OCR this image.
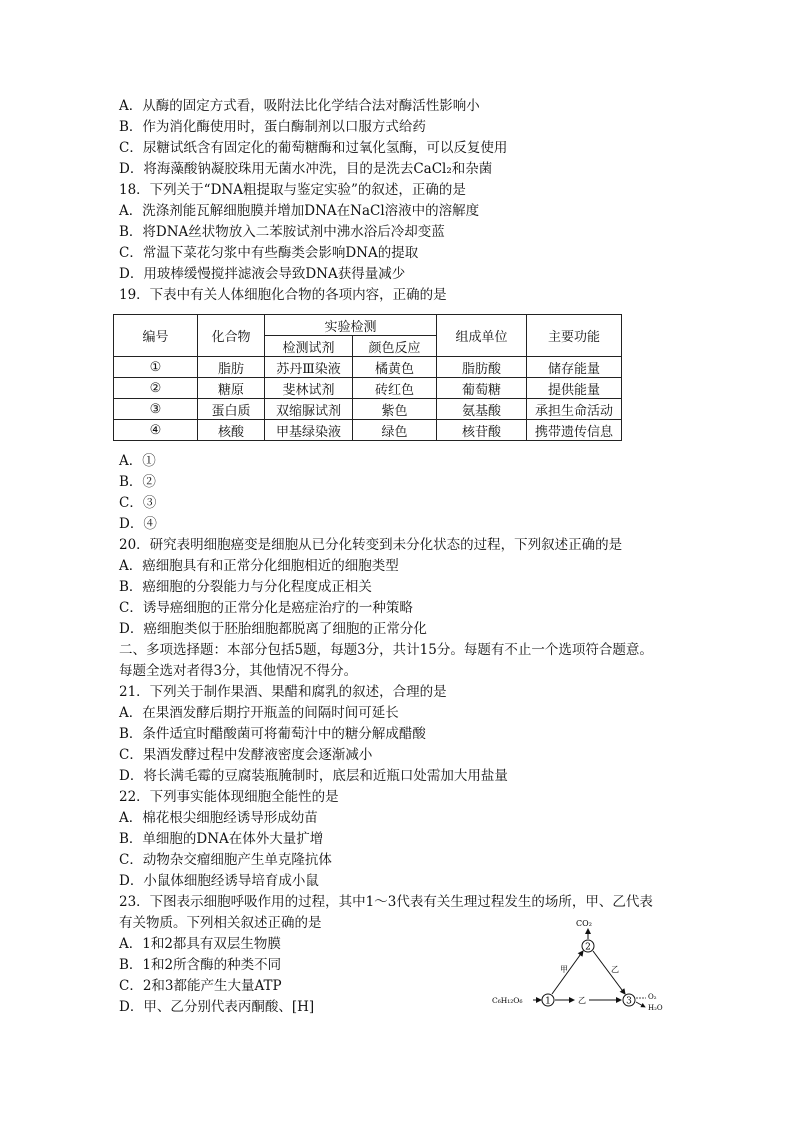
A．从酶的固定方式看，吸附法比化学结合法对酶活性影响小
B．作为消化酶使用时，蛋白酶制剂以口服方式给药
C．尿糖试纸含有固定化的葡萄糖酶和过氧化氢酶，可以反复使用
D．将海藻酸钠凝胶珠用无菌水冲洗，目的是洗去CaCl₂和杂菌
18．下列关于“DNA粗提取与鉴定实验”的叙述，正确的是
A．洗涤剂能瓦解细胞膜并增加DNA在NaCl溶液中的溶解度
B．将DNA丝状物放入二苯胺试剂中沸水浴后冷却变蓝
C．常温下菜花匀浆中有些酶类会影响DNA的提取
D．用玻棒缓慢搅拌滤液会导致DNA获得量减少
19．下表中有关人体细胞化合物的各项内容，正确的是
编号	化合物	实验检测		组成单位	主要功能
		检测试剂	颜色反应		
①	脂肪	苏丹Ⅲ染液	橘黄色	脂肪酸	储存能量
②	糖原	斐林试剂	砖红色	葡萄糖	提供能量
③	蛋白质	双缩脲试剂	紫色	氨基酸	承担生命活动
④	核酸	甲基绿染液	绿色	核苷酸	携带遗传信息
A．①
B．②
C．③
D．④
20．研究表明细胞癌变是细胞从已分化转变到未分化状态的过程，下列叙述正确的是
A．癌细胞具有和正常分化细胞相近的细胞类型
B．癌细胞的分裂能力与分化程度成正相关
C．诱导癌细胞的正常分化是癌症治疗的一种策略
D．癌细胞类似于胚胎细胞都脱离了细胞的正常分化
二、多项选择题：本部分包括5题，每题3分，共计15分。每题有不止一个选项符合题意。
每题全选对者得3分，其他情况不得分。
21．下列关于制作果酒、果醋和腐乳的叙述，合理的是
A．在果酒发酵后期拧开瓶盖的间隔时间可延长
B．条件适宜时醋酸菌可将葡萄汁中的糖分解成醋酸
C．果酒发酵过程中发酵液密度会逐渐减小
D．将长满毛霉的豆腐装瓶腌制时，底层和近瓶口处需加大用盐量
22．下列事实能体现细胞全能性的是
A．棉花根尖细胞经诱导形成幼苗
B．单细胞的DNA在体外大量扩增
C．动物杂交瘤细胞产生单克隆抗体
D．小鼠体细胞经诱导培育成小鼠
23．下图表示细胞呼吸作用的过程，其中1～3代表有关生理过程发生的场所，甲、乙代表
有关物质。下列相关叙述正确的是
A．1和2都具有双层生物膜
B．1和2所含酶的种类不同
C．2和3都能产生大量ATP
D．甲、乙分别代表丙酮酸、[H]
CO₂
2
甲	乙
C₆H₁₂O₆	1	乙	3 O₂
H₂O
